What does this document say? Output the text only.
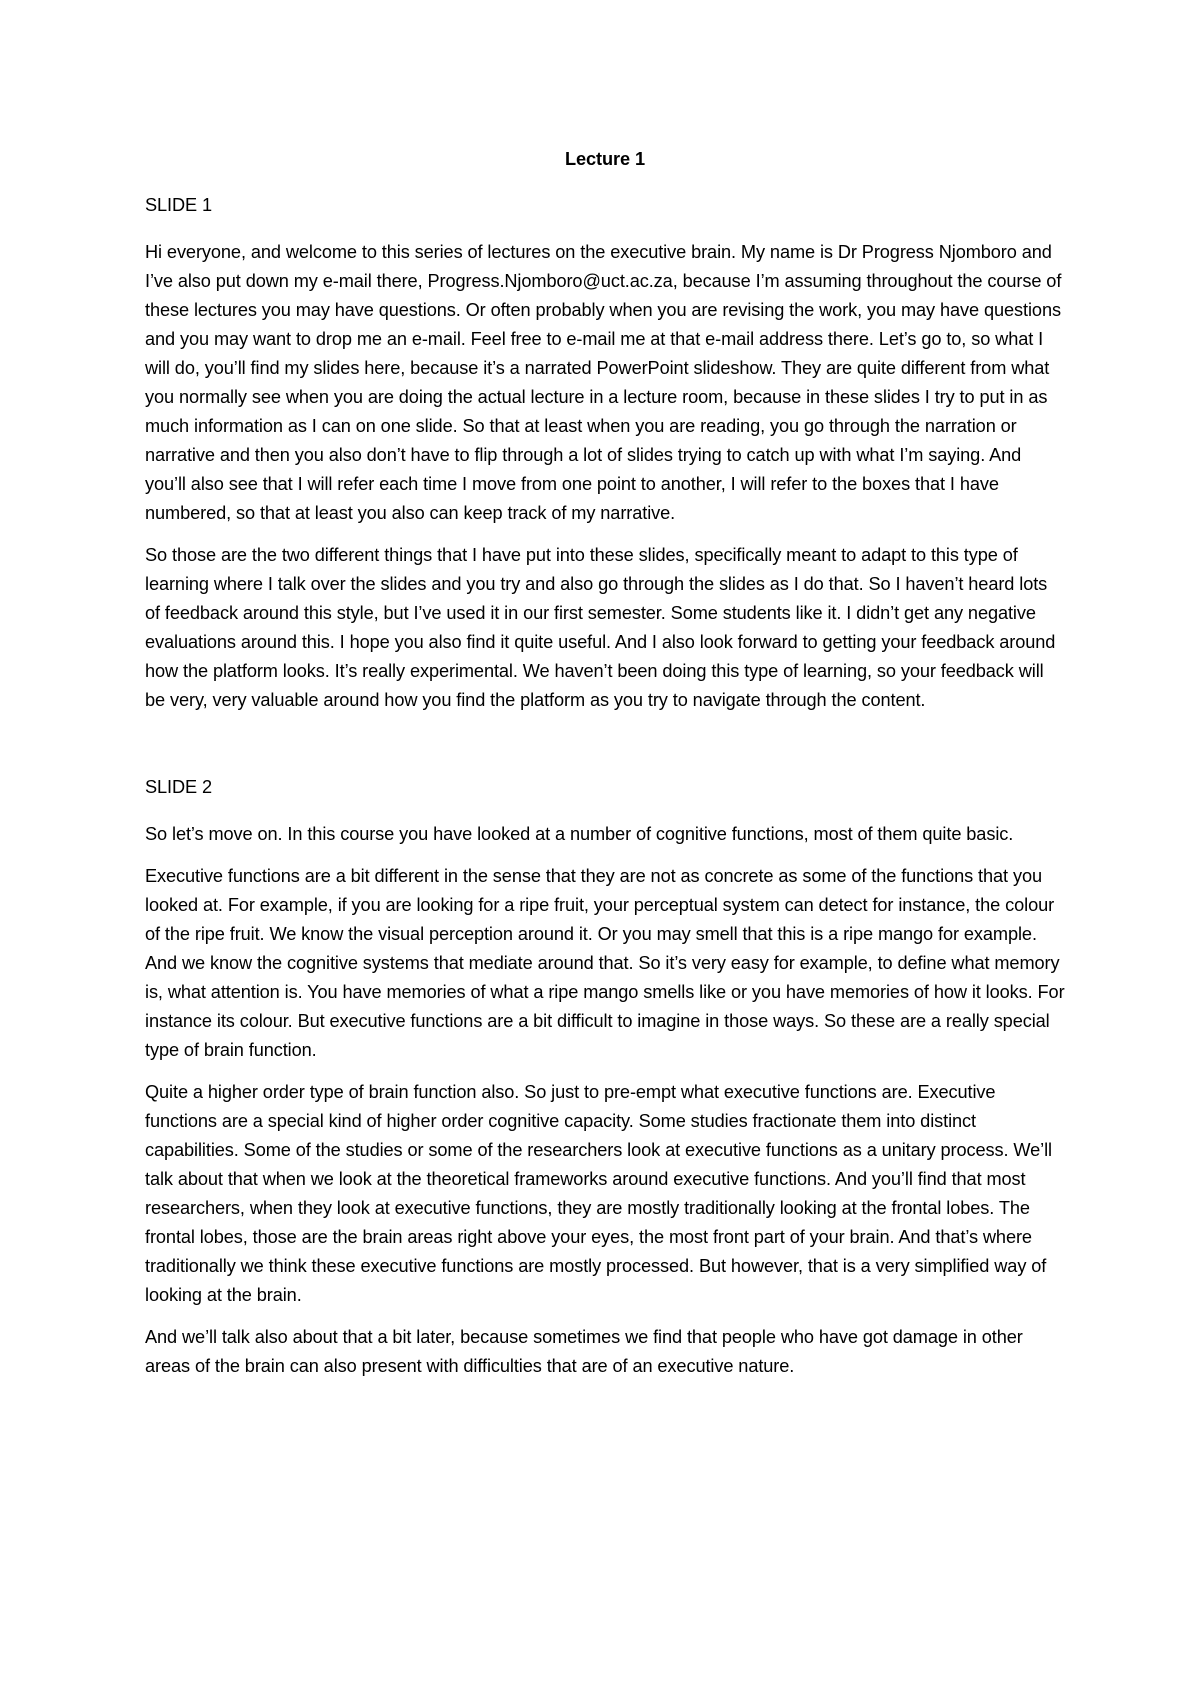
Lecture 1
SLIDE 1

Hi everyone, and welcome to this series of lectures on the executive brain. My name is Dr Progress Njomboro and I’ve also put down my e-mail there, Progress.Njomboro@uct.ac.za, because I’m assuming throughout the course of these lectures you may have questions. Or often probably when you are revising the work, you may have questions and you may want to drop me an e-mail. Feel free to e-mail me at that e-mail address there. Let’s go to, so what I will do, you’ll find my slides here, because it’s a narrated PowerPoint slideshow. They are quite different from what you normally see when you are doing the actual lecture in a lecture room, because in these slides I try to put in as much information as I can on one slide. So that at least when you are reading, you go through the narration or narrative and then you also don’t have to flip through a lot of slides trying to catch up with what I’m saying. And you’ll also see that I will refer each time I move from one point to another, I will refer to the boxes that I have numbered, so that at least you also can keep track of my narrative.

So those are the two different things that I have put into these slides, specifically meant to adapt to this type of learning where I talk over the slides and you try and also go through the slides as I do that. So I haven’t heard lots of feedback around this style, but I’ve used it in our first semester. Some students like it. I didn’t get any negative evaluations around this. I hope you also find it quite useful. And I also look forward to getting your feedback around how the platform looks. It’s really experimental. We haven’t been doing this type of learning, so your feedback will be very, very valuable around how you find the platform as you try to navigate through the content.

SLIDE 2

So let’s move on. In this course you have looked at a number of cognitive functions, most of them quite basic.

Executive functions are a bit different in the sense that they are not as concrete as some of the functions that you looked at. For example, if you are looking for a ripe fruit, your perceptual system can detect for instance, the colour of the ripe fruit. We know the visual perception around it. Or you may smell that this is a ripe mango for example. And we know the cognitive systems that mediate around that. So it’s very easy for example, to define what memory is, what attention is. You have memories of what a ripe mango smells like or you have memories of how it looks. For instance its colour. But executive functions are a bit difficult to imagine in those ways. So these are a really special type of brain function.

Quite a higher order type of brain function also. So just to pre-empt what executive functions are. Executive functions are a special kind of higher order cognitive capacity. Some studies fractionate them into distinct capabilities. Some of the studies or some of the researchers look at executive functions as a unitary process. We’ll talk about that when we look at the theoretical frameworks around executive functions. And you’ll find that most researchers, when they look at executive functions, they are mostly traditionally looking at the frontal lobes. The frontal lobes, those are the brain areas right above your eyes, the most front part of your brain. And that’s where traditionally we think these executive functions are mostly processed. But however, that is a very simplified way of looking at the brain.

And we’ll talk also about that a bit later, because sometimes we find that people who have got damage in other areas of the brain can also present with difficulties that are of an executive nature.
